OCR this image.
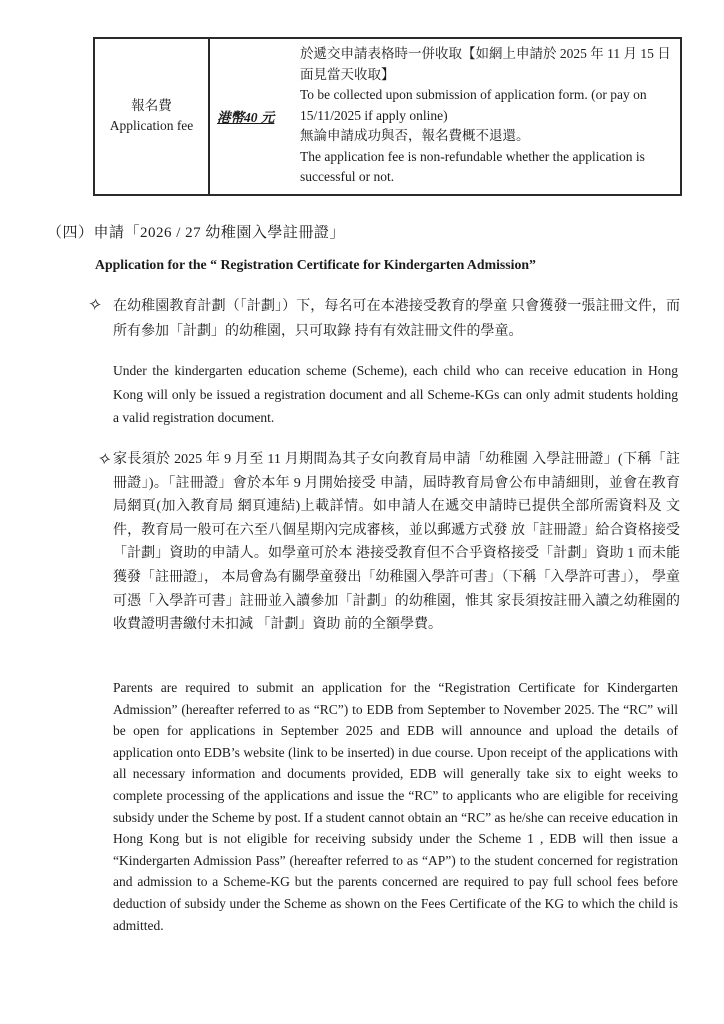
報名費
Application fee
港幣40 元

於遞交申請表格時一併收取【如網上申請於 2025 年 11 月 15 日面見當天收取】

To be collected upon submission of application form. (or pay on 15/11/2025 if apply online)

無論申請成功與否，報名費概不退還。

The application fee is non-refundable whether the application is successful or not.

（四）申請「2026 / 27 幼稚園入學註冊證」
Application for the “ Registration Certificate for Kindergarten Admission”
✧ 在幼稚園教育計劃（「計劃」）下，每名可在本港接受教育的學童 只會獲發一張註冊文件，而所有參加「計劃」的幼稚園，只可取錄 持有有效註冊文件的學童。

Under the kindergarten education scheme (Scheme), each child who can receive education in Hong Kong will only be issued a registration document and all Scheme-KGs can only admit students holding a valid registration document.

✧ 家長須於 2025 年 9 月至 11 月期間為其子女向教育局申請「幼稚園 入學註冊證」(下稱「註冊證」)。「註冊證」會於本年 9 月開始接受 申請，屆時教育局會公布申請細則，並會在教育局網頁(加入教育局 網頁連結)上載詳情。如申請人在遞交申請時已提供全部所需資料及 文件，教育局一般可在六至八個星期內完成審核，並以郵遞方式發 放「註冊證」給合資格接受「計劃」資助的申請人。如學童可於本 港接受教育但不合乎資格接受「計劃」資助 1 而未能獲發「註冊證」， 本局會為有關學童發出「幼稚園入學許可書」（下稱「入學許可書」）， 學童可憑「入學許可書」註冊並入讀參加「計劃」的幼稚園，惟其 家長須按註冊入讀之幼稚園的收費證明書繳付未扣減 「計劃」資助 前的全額學費。

Parents are required to submit an application for the “Registration Certificate for Kindergarten Admission” (hereafter referred to as “RC”) to EDB from September to November 2025. The “RC” will be open for applications in September 2025 and EDB will announce and upload the details of application onto EDB’s website (link to be inserted) in due course. Upon receipt of the applications with all necessary information and documents provided, EDB will generally take six to eight weeks to complete processing of the applications and issue the “RC” to applicants who are eligible for receiving subsidy under the Scheme by post. If a student cannot obtain an “RC” as he/she can receive education in Hong Kong but is not eligible for receiving subsidy under the Scheme 1 , EDB will then issue a “Kindergarten Admission Pass” (hereafter referred to as “AP”) to the student concerned for registration and admission to a Scheme-KG but the parents concerned are required to pay full school fees before deduction of subsidy under the Scheme as shown on the Fees Certificate of the KG to which the child is admitted.
